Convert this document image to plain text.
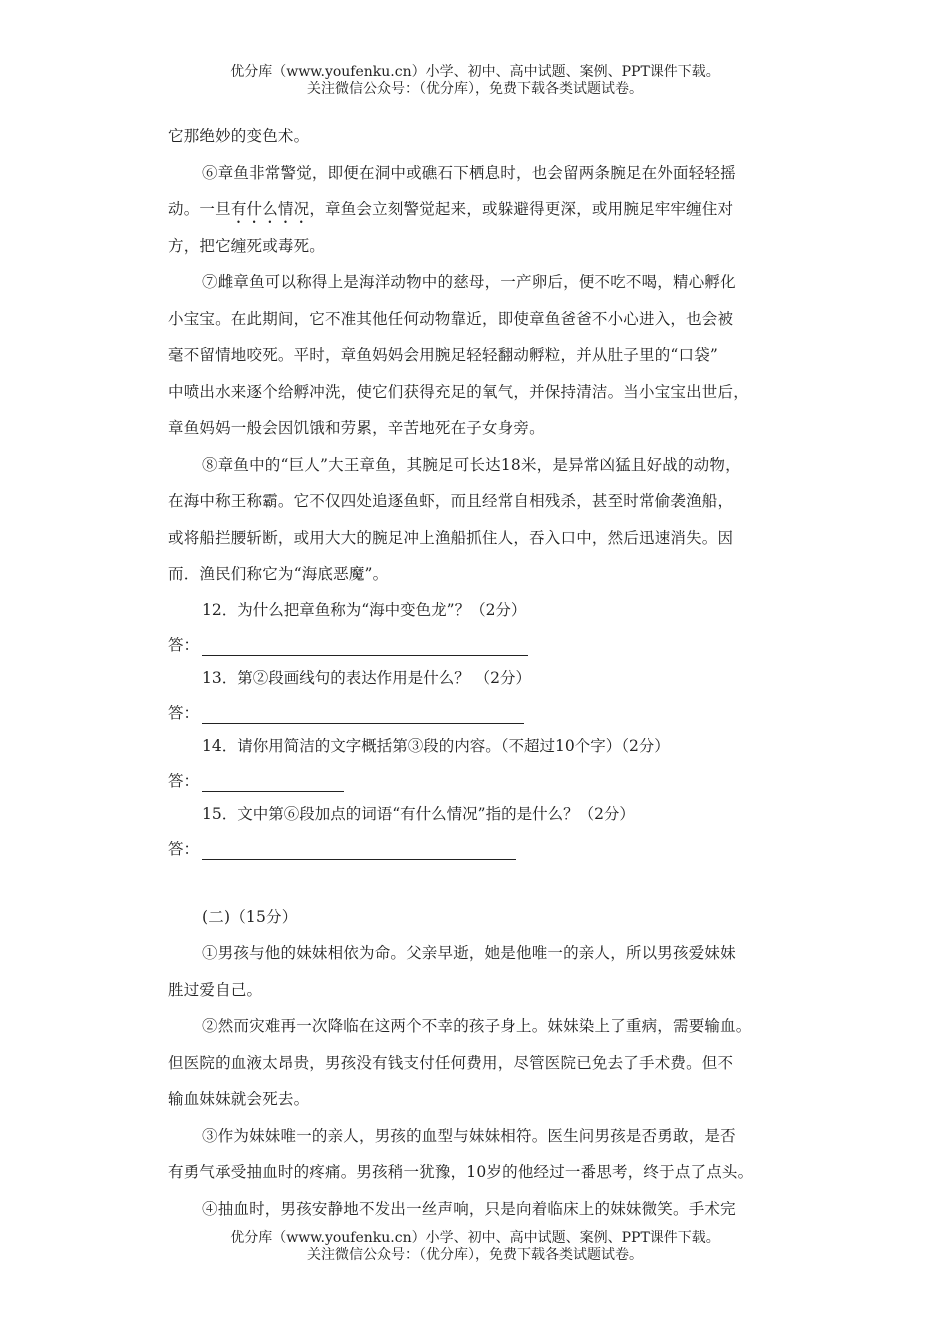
优分库（www.youfenku.cn）小学、初中、高中试题、案例、PPT课件下载。
关注微信公众号：（优分库），免费下载各类试题试卷。

它那绝妙的变色术。

⑥章鱼非常警觉，即便在洞中或礁石下栖息时，也会留两条腕足在外面轻轻摇

动。一旦有什么情况，章鱼会立刻警觉起来，或躲避得更深，或用腕足牢牢缠住对

方，把它缠死或毒死。

⑦雌章鱼可以称得上是海洋动物中的慈母，一产卵后，便不吃不喝，精心孵化

小宝宝。在此期间，它不准其他任何动物靠近，即使章鱼爸爸不小心进入，也会被

毫不留情地咬死。平时，章鱼妈妈会用腕足轻轻翻动孵粒，并从肚子里的“口袋”

中喷出水来逐个给孵冲洗，使它们获得充足的氧气，并保持清洁。当小宝宝出世后，

章鱼妈妈一般会因饥饿和劳累，辛苦地死在子女身旁。

⑧章鱼中的“巨人”大王章鱼，其腕足可长达18米，是异常凶猛且好战的动物，

在海中称王称霸。它不仅四处追逐鱼虾，而且经常自相残杀，甚至时常偷袭渔船，

或将船拦腰斩断，或用大大的腕足冲上渔船抓住人，吞入口中，然后迅速消失。因

而．渔民们称它为“海底恶魔”。

12．为什么把章鱼称为“海中变色龙”？（2分）
答：
13．第②段画线句的表达作用是什么？ （2分）
答：
14．请你用简洁的文字概括第③段的内容。（不超过10个字）（2分）
答：
15．文中第⑥段加点的词语“有什么情况”指的是什么？（2分）
答：

(二)（15分）

①男孩与他的妹妹相依为命。父亲早逝，她是他唯一的亲人，所以男孩爱妹妹

胜过爱自己。

②然而灾难再一次降临在这两个不幸的孩子身上。妹妹染上了重病，需要输血。

但医院的血液太昂贵，男孩没有钱支付任何费用，尽管医院已免去了手术费。但不

输血妹妹就会死去。

③作为妹妹唯一的亲人，男孩的血型与妹妹相符。医生问男孩是否勇敢，是否

有勇气承受抽血时的疼痛。男孩稍一犹豫，10岁的他经过一番思考，终于点了点头。

④抽血时，男孩安静地不发出一丝声响，只是向着临床上的妹妹微笑。手术完

优分库（www.youfenku.cn）小学、初中、高中试题、案例、PPT课件下载。
关注微信公众号：（优分库），免费下载各类试题试卷。
